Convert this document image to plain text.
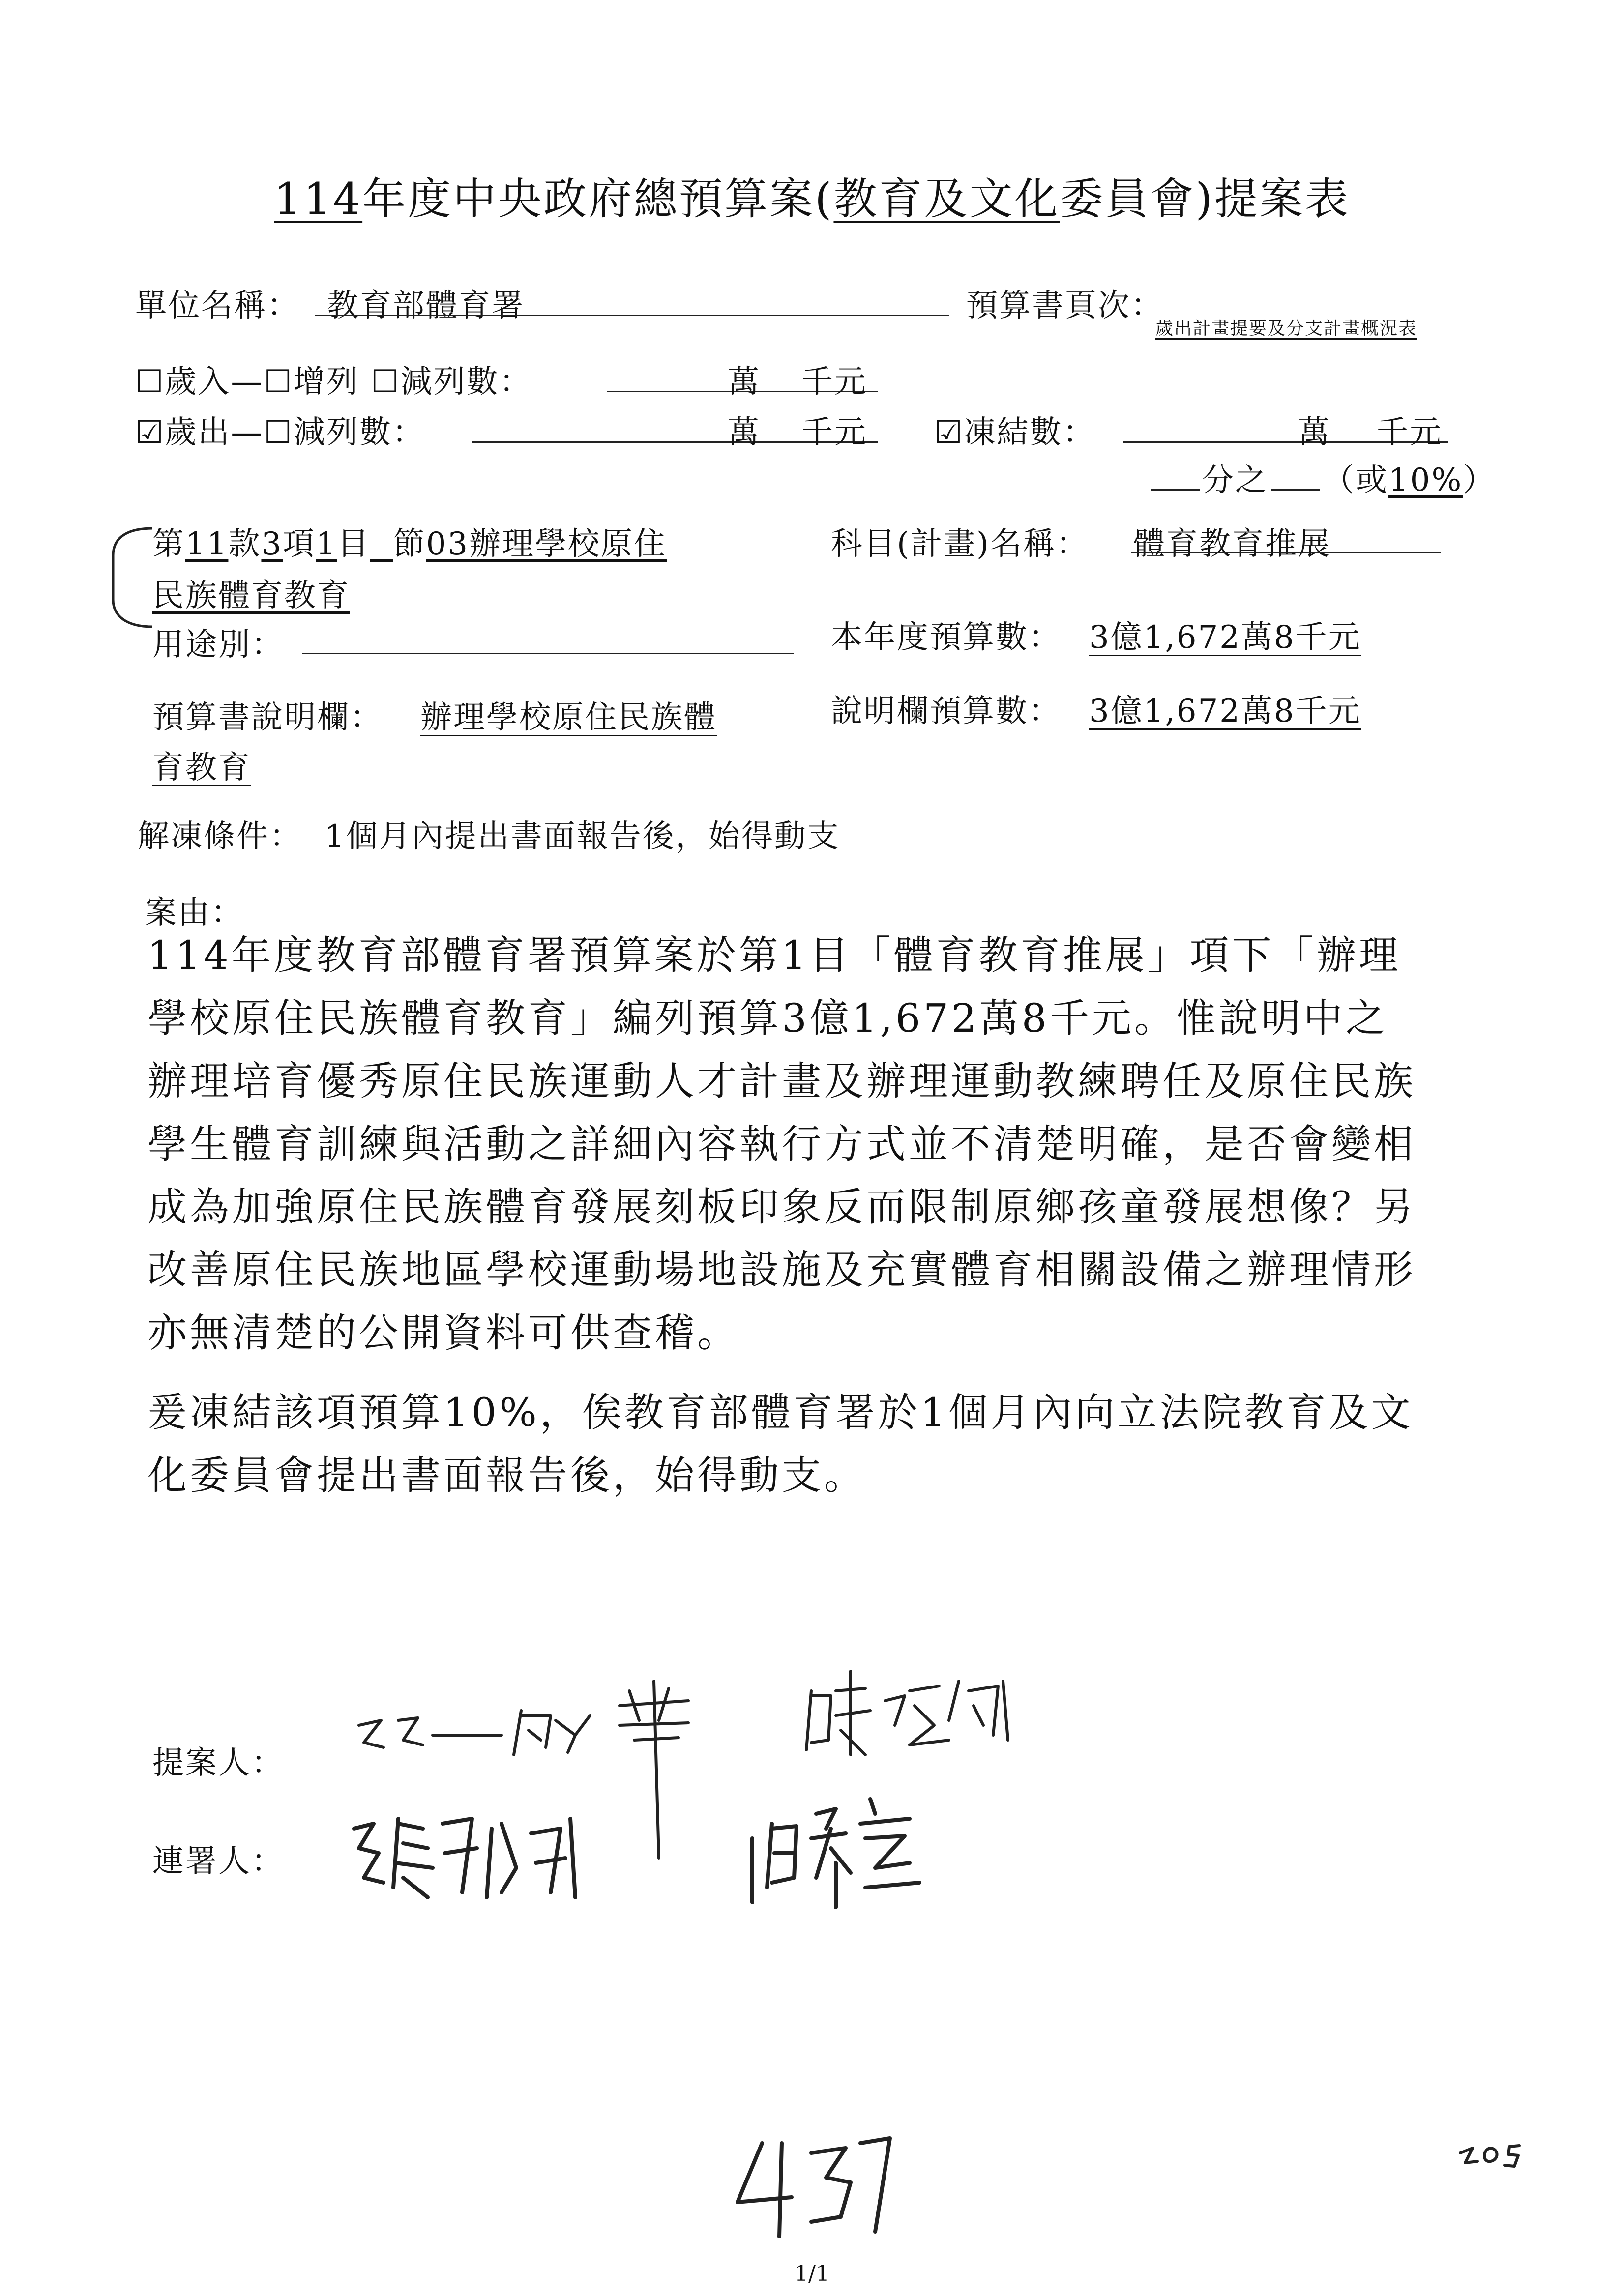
114年度中央政府總預算案(教育及文化委員會)提案表
單位名稱： 教育部體育署	預算書頁次：
歲出計畫提要及分支計畫概況表
☐歲入—☐增列 ☐減列數：	萬 千元
☑歲出—☐減列數：	萬 千元 ☑凍結數：	萬 千元
分之 （或10%）
第11款3項1目 節03辦理學校原住
民族體育教育
科目(計畫)名稱： 體育教育推展
用途別：	本年度預算數： 3億1,672萬8千元
預算書說明欄： 辦理學校原住民族體
育教育
說明欄預算數： 3億1,672萬8千元
解凍條件： 1個月內提出書面報告後，始得動支
案由：
114年度教育部體育署預算案於第1目「體育教育推展」項下「辦理
學校原住民族體育教育」編列預算3億1,672萬8千元。惟說明中之
辦理培育優秀原住民族運動人才計畫及辦理運動教練聘任及原住民族
學生體育訓練與活動之詳細內容執行方式並不清楚明確，是否會變相
成為加強原住民族體育發展刻板印象反而限制原鄉孩童發展想像？另
改善原住民族地區學校運動場地設施及充實體育相關設備之辦理情形
亦無清楚的公開資料可供查稽。
爰凍結該項預算10%，俟教育部體育署於1個月內向立法院教育及文
化委員會提出書面報告後，始得動支。
提案人：
連署人：
1/1
